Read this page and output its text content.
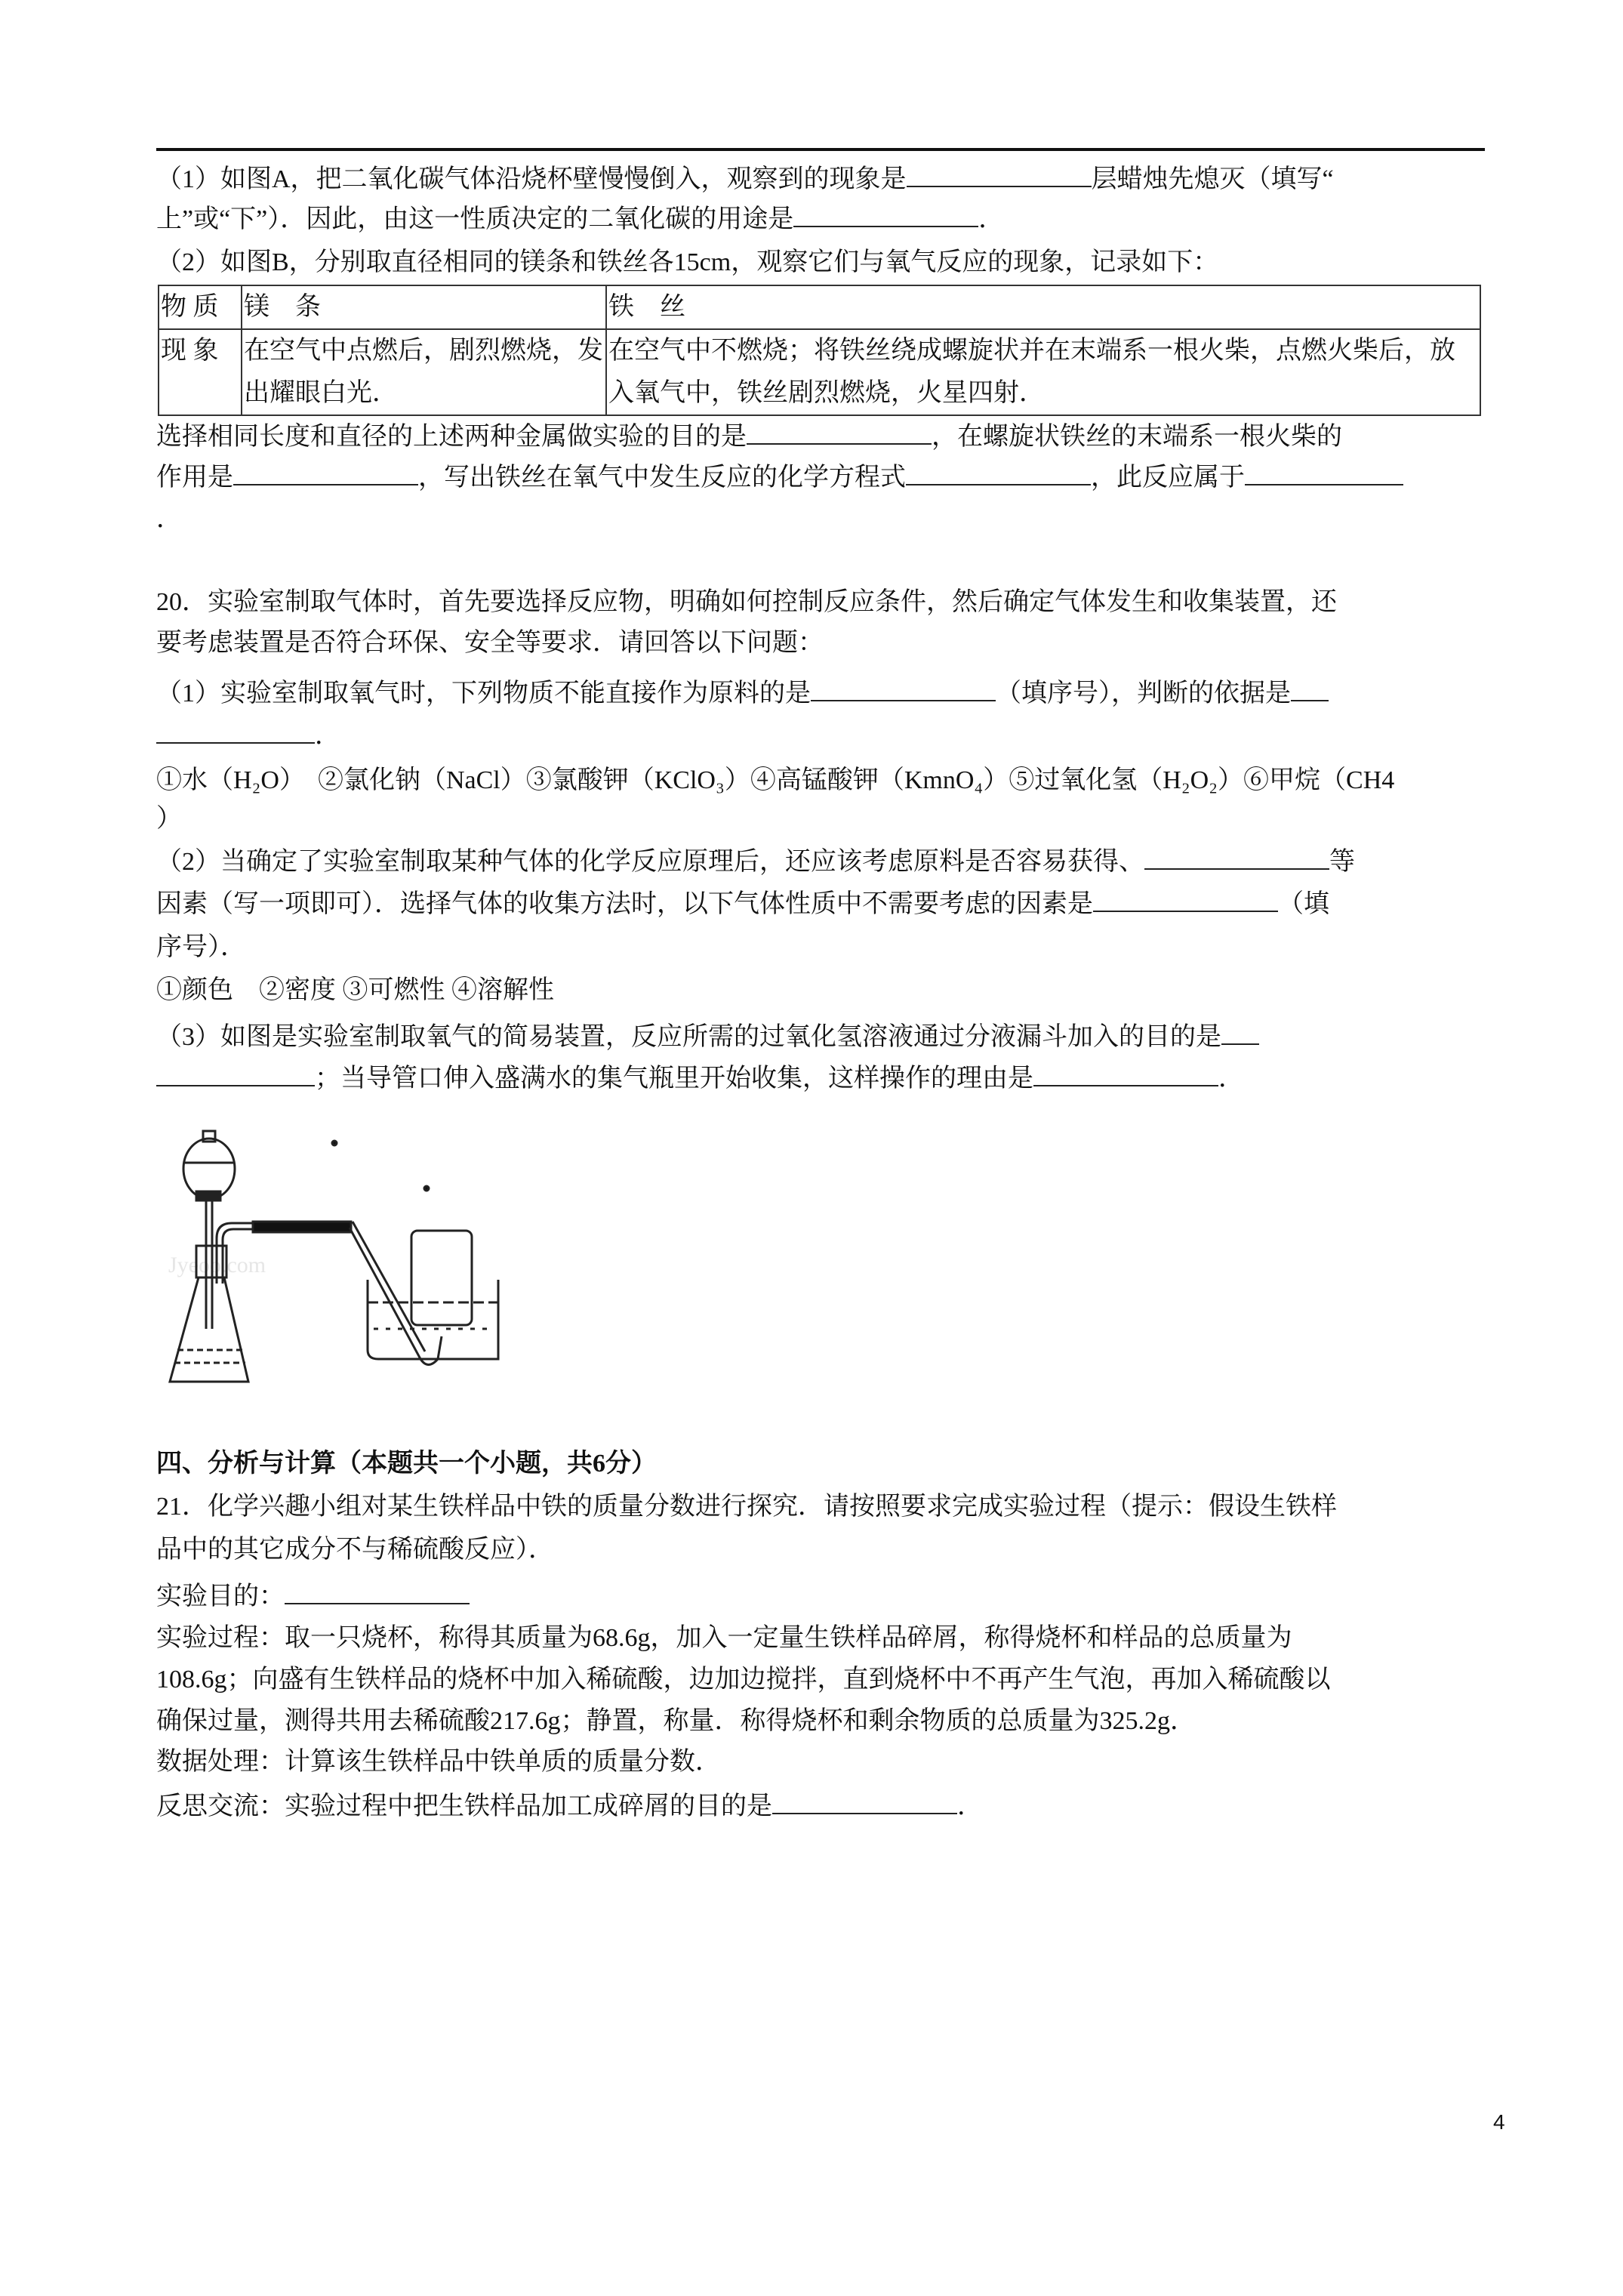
（1）如图A，把二氧化碳气体沿烧杯壁慢慢倒入，观察到的现象是	层蜡烛先熄灭（填写“
上”或“下”）．因此，由这一性质决定的二氧化碳的用途是	．
（2）如图B，分别取直径相同的镁条和铁丝各15cm，观察它们与氧气反应的现象，记录如下：
选择相同长度和直径的上述两种金属做实验的目的是	，在螺旋状铁丝的末端系一根火柴的
作用是	，写出铁丝在氧气中发生反应的化学方程式	，此反应属于
．
20．实验室制取气体时，首先要选择反应物，明确如何控制反应条件，然后确定气体发生和收集装置，还
要考虑装置是否符合环保、安全等要求．请回答以下问题：
（1）实验室制取氧气时，下列物质不能直接作为原料的是	（填序号），判断的依据是
．
①水（H₂O）　②氯化钠（NaCl）③氯酸钾（KClO₃）④高锰酸钾（KmnO₄）⑤过氧化氢（H₂O₂）⑥甲烷（CH4
）
（2）当确定了实验室制取某种气体的化学反应原理后，还应该考虑原料是否容易获得、	等
因素（写一项即可）．选择气体的收集方法时，以下气体性质中不需要考虑的因素是	（填
序号）．
①颜色　②密度 ③可燃性 ④溶解性
（3）如图是实验室制取氧气的简易装置，反应所需的过氧化氢溶液通过分液漏斗加入的目的是
；当导管口伸入盛满水的集气瓶里开始收集，这样操作的理由是	．
四、分析与计算（本题共一个小题，共6分）
21．化学兴趣小组对某生铁样品中铁的质量分数进行探究．请按照要求完成实验过程（提示：假设生铁样
品中的其它成分不与稀硫酸反应）．
实验目的：
实验过程：取一只烧杯，称得其质量为68.6g，加入一定量生铁样品碎屑，称得烧杯和样品的总质量为
108.6g；向盛有生铁样品的烧杯中加入稀硫酸，边加边搅拌，直到烧杯中不再产生气泡，再加入稀硫酸以
确保过量，测得共用去稀硫酸217.6g；静置，称量．称得烧杯和剩余物质的总质量为325.2g．
数据处理：计算该生铁样品中铁单质的质量分数．
反思交流：实验过程中把生铁样品加工成碎屑的目的是	．
物 质	镁　条	铁　丝
现 象	在空气中点燃后，剧烈燃烧，发出耀眼白光．	在空气中不燃烧；将铁丝绕成螺旋状并在末端系一根火柴，点燃火柴后，放入氧气中，铁丝剧烈燃烧，火星四射．
Jyeoo.com
4
